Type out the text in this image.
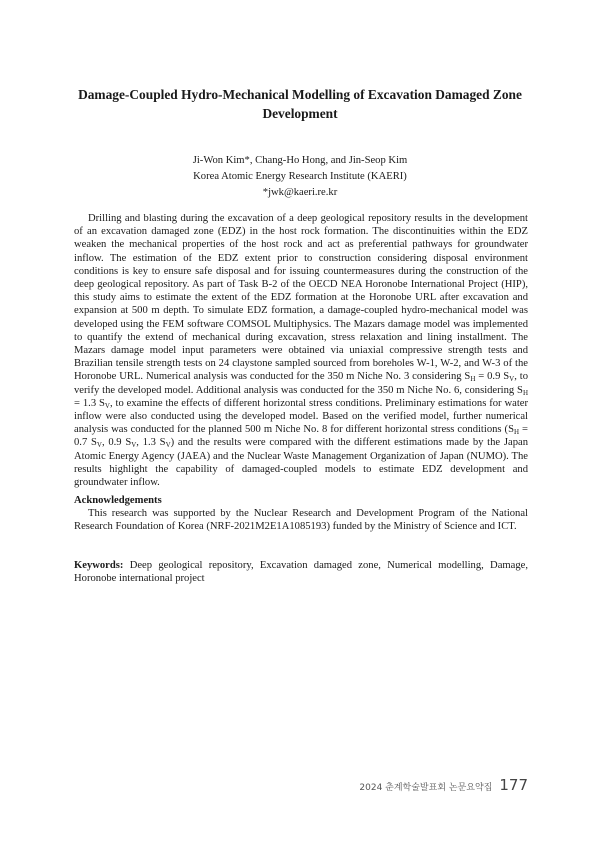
Damage-Coupled Hydro-Mechanical Modelling of Excavation Damaged Zone Development
Ji-Won Kim*, Chang-Ho Hong, and Jin-Seop Kim
Korea Atomic Energy Research Institute (KAERI)
*jwk@kaeri.re.kr

Drilling and blasting during the excavation of a deep geological repository results in the development of an excavation damaged zone (EDZ) in the host rock formation. The discontinuities within the EDZ weaken the mechanical properties of the host rock and act as preferential pathways for groundwater inflow. The estimation of the EDZ extent prior to construction considering disposal environment conditions is key to ensure safe disposal and for issuing countermeasures during the construction of the deep geological repository. As part of Task B-2 of the OECD NEA Horonobe International Project (HIP), this study aims to estimate the extent of the EDZ formation at the Horonobe URL after excavation and expansion at 500 m depth. To simulate EDZ formation, a damage-coupled hydro-mechanical model was developed using the FEM software COMSOL Multiphysics. The Mazars damage model was implemented to quantify the extend of mechanical during excavation, stress relaxation and lining installment. The Mazars damage model input parameters were obtained via uniaxial compressive strength tests and Brazilian tensile strength tests on 24 claystone sampled sourced from boreholes W-1, W-2, and W-3 of the Horonobe URL. Numerical analysis was conducted for the 350 m Niche No. 3 considering $S_H = 0.9$ $S_V$, to verify the developed model. Additional analysis was conducted for the 350 m Niche No. 6, considering $S_H = 1.3$ $S_V$, to examine the effects of different horizontal stress conditions. Preliminary estimations for water inflow were also conducted using the developed model. Based on the verified model, further numerical analysis was conducted for the planned 500 m Niche No. 8 for different horizontal stress conditions ($S_H = 0.7$ $S_V$, 0.9 $S_V$, 1.3 $S_V$) and the results were compared with the different estimations made by the Japan Atomic Energy Agency (JAEA) and the Nuclear Waste Management Organization of Japan (NUMO). The results highlight the capability of damaged-coupled models to estimate EDZ development and groundwater inflow.

Acknowledgements

This research was supported by the Nuclear Research and Development Program of the National Research Foundation of Korea (NRF-2021M2E1A1085193) funded by the Ministry of Science and ICT.

Keywords: Deep geological repository, Excavation damaged zone, Numerical modelling, Damage, Horonobe international project

2024 춘계학술발표회 논문요약집 177
